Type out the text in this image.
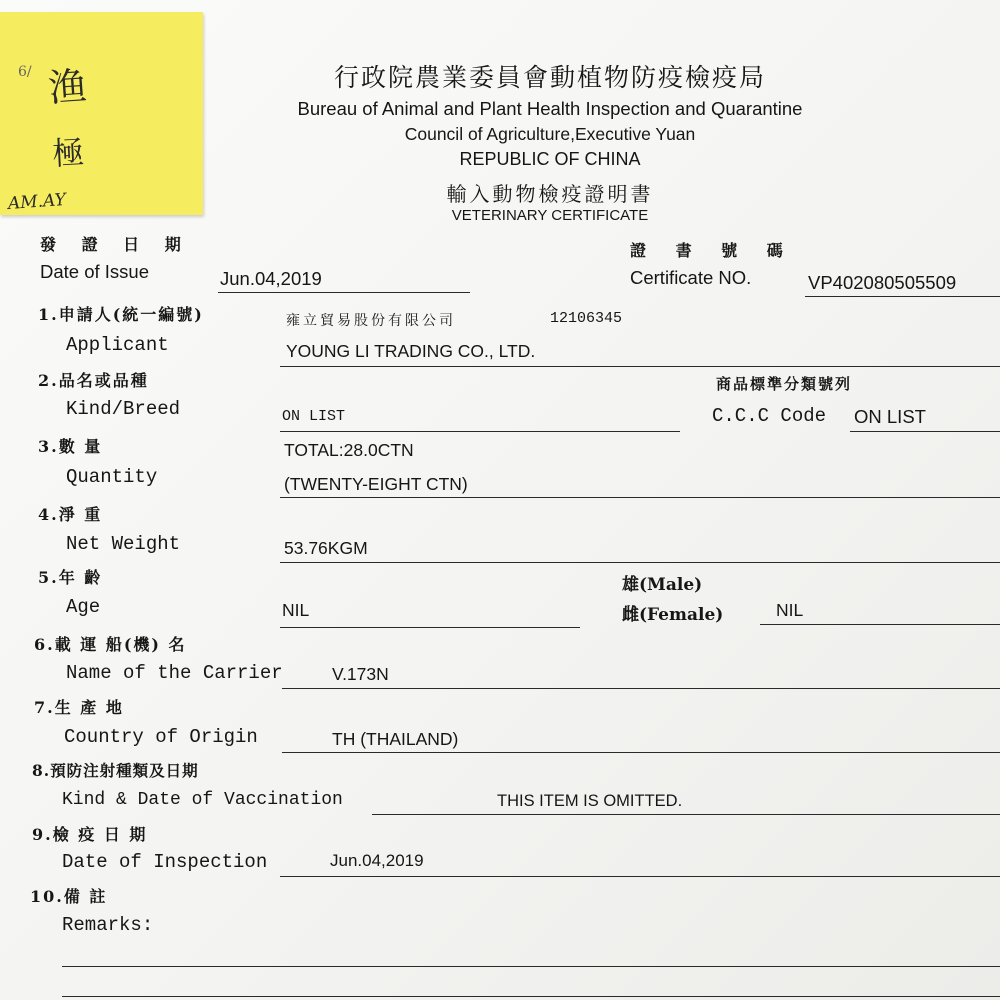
6/ 渔
極
AM.AY
行政院農業委員會動植物防疫檢疫局
Bureau of Animal and Plant Health Inspection and Quarantine
Council of Agriculture,Executive Yuan
REPUBLIC OF CHINA
輸入動物檢疫證明書
VETERINARY CERTIFICATE
發 證 日 期
Date of Issue	Jun.04,2019
證 書 號 碼
Certificate NO.	VP402080505509
1.申請人(統一編號)
Applicant
雍立貿易股份有限公司	12106345
YOUNG LI TRADING CO., LTD.
2.品名或品種
Kind/Breed	ON LIST
商品標準分類號列
C.C.C Code ON LIST
3.數 量
Quantity
TOTAL:28.0CTN
(TWENTY-EIGHT CTN)
4.淨 重
Net Weight	53.76KGM
5.年 齡
Age	NIL
雄(Male)
雌(Female)	NIL
6.載 運 船(機) 名
Name of the Carrier	V.173N
7.生 產 地
Country of Origin	TH (THAILAND)
8.預防注射種類及日期
Kind & Date of Vaccination	THIS ITEM IS OMITTED.
9.檢 疫 日 期
Date of Inspection	Jun.04,2019
10.備 註
Remarks:
